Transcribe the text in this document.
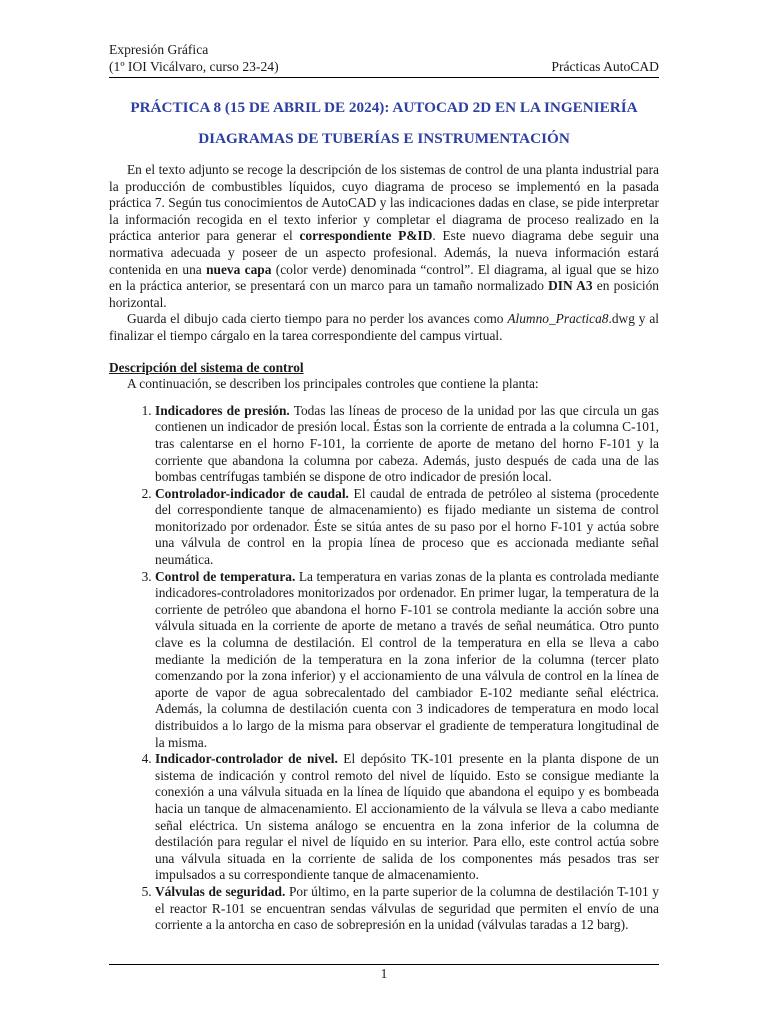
Expresión Gráfica
(1º IOI Vicálvaro, curso 23-24)	Prácticas AutoCAD
PRÁCTICA 8 (15 DE ABRIL DE 2024): AUTOCAD 2D EN LA INGENIERÍA
DIAGRAMAS DE TUBERÍAS E INSTRUMENTACIÓN

En el texto adjunto se recoge la descripción de los sistemas de control de una planta industrial para la producción de combustibles líquidos, cuyo diagrama de proceso se implementó en la pasada práctica 7. Según tus conocimientos de AutoCAD y las indicaciones dadas en clase, se pide interpretar la información recogida en el texto inferior y completar el diagrama de proceso realizado en la práctica anterior para generar el correspondiente P&ID. Este nuevo diagrama debe seguir una normativa adecuada y poseer de un aspecto profesional. Además, la nueva información estará contenida en una nueva capa (color verde) denominada “control”. El diagrama, al igual que se hizo en la práctica anterior, se presentará con un marco para un tamaño normalizado DIN A3 en posición horizontal.

Guarda el dibujo cada cierto tiempo para no perder los avances como Alumno_Practica8.dwg y al finalizar el tiempo cárgalo en la tarea correspondiente del campus virtual.

Descripción del sistema de control
A continuación, se describen los principales controles que contiene la planta:
1. Indicadores de presión. Todas las líneas de proceso de la unidad por las que circula un gas contienen un indicador de presión local. Éstas son la corriente de entrada a la columna C-101, tras calentarse en el horno F-101, la corriente de aporte de metano del horno F-101 y la corriente que abandona la columna por cabeza. Además, justo después de cada una de las bombas centrífugas también se dispone de otro indicador de presión local.
2. Controlador-indicador de caudal. El caudal de entrada de petróleo al sistema (procedente del correspondiente tanque de almacenamiento) es fijado mediante un sistema de control monitorizado por ordenador. Éste se sitúa antes de su paso por el horno F-101 y actúa sobre una válvula de control en la propia línea de proceso que es accionada mediante señal neumática.
3. Control de temperatura. La temperatura en varias zonas de la planta es controlada mediante indicadores-controladores monitorizados por ordenador. En primer lugar, la temperatura de la corriente de petróleo que abandona el horno F-101 se controla mediante la acción sobre una válvula situada en la corriente de aporte de metano a través de señal neumática. Otro punto clave es la columna de destilación. El control de la temperatura en ella se lleva a cabo mediante la medición de la temperatura en la zona inferior de la columna (tercer plato comenzando por la zona inferior) y el accionamiento de una válvula de control en la línea de aporte de vapor de agua sobrecalentado del cambiador E-102 mediante señal eléctrica. Además, la columna de destilación cuenta con 3 indicadores de temperatura en modo local distribuidos a lo largo de la misma para observar el gradiente de temperatura longitudinal de la misma.
4. Indicador-controlador de nivel. El depósito TK-101 presente en la planta dispone de un sistema de indicación y control remoto del nivel de líquido. Esto se consigue mediante la conexión a una válvula situada en la línea de líquido que abandona el equipo y es bombeada hacia un tanque de almacenamiento. El accionamiento de la válvula se lleva a cabo mediante señal eléctrica. Un sistema análogo se encuentra en la zona inferior de la columna de destilación para regular el nivel de líquido en su interior. Para ello, este control actúa sobre una válvula situada en la corriente de salida de los componentes más pesados tras ser impulsados a su correspondiente tanque de almacenamiento.
5. Válvulas de seguridad. Por último, en la parte superior de la columna de destilación T-101 y el reactor R-101 se encuentran sendas válvulas de seguridad que permiten el envío de una corriente a la antorcha en caso de sobrepresión en la unidad (válvulas taradas a 12 barg).
1
